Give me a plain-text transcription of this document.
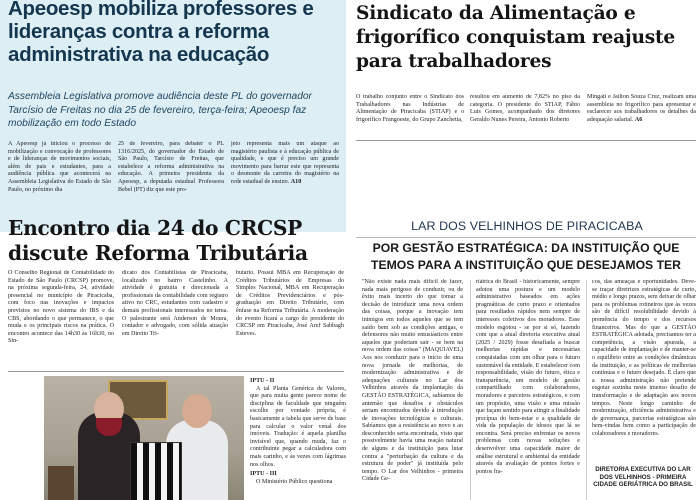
Apeoesp mobiliza professores e lideranças contra a reforma administrativa na educação
Assembleia Legislativa promove audiência deste PL do governador Tarcísio de Freitas no dia 25 de fevereiro, terça-feira; Apeoesp faz mobilização em todo Estado
A Apeoesp já iniciou o processo de mobilização e convocação de professores e de lideranças de movimentos sociais, além de pais e estudantes, para a audiência pública que acontecerá na Assembleia Legislativa do Estado de São Paulo, no próximo dia
25 de fevereiro, para debater o PL 1316/2025, do governador do Estado de São Paulo, Tarcísio de Freitas, que estabelece a reforma administrativa na educação. A primeira presidenta da Apeoesp, a deputada estadual Professora Bebel (PT) diz que este pro-
jeto representa mais um ataque ao magistério paulista e à educação pública de qualidade, e que é preciso um grande movimento para barrar este que representa o desmonte da carreira do magistério na rede estadual de ensino. A10
Sindicato da Alimentação e frigorífico conquistam reajuste para trabalhadores
O trabalho conjunto entre o Sindicato dos Trabalhadores nas Indústrias de Alimentação de Piracicaba (STIAP) e o frigorífico Frangoeste, do Grupo Zanchetta,
resultou em aumento de 7,82% no piso da categoria. O presidente do STIAP, Fábio Luis Gomes, acompanhado dos diretores Geraldo Nunes Pereira, Antonio Roberto
Mingati e Jailton Souza Cruz, realizam uma assembleia no frigorífico para apresentar e esclarecer aos trabalhadores os detalhes da adequação salarial. A6
Encontro dia 24 do CRCSP discute Reforma Tributária
O Conselho Regional de Contabilidade do Estado de São Paulo (CRCSP) promove, na próxima segunda-feira, 24, atividade presencial no município de Piracicaba, com foco nas inovações e impactos previstos no novo sistema do IBS e da CBS, abordando o que permanece, o que muda e os principais riscos na prática. O encontro acontece das 14h30 às 16h30, no Sin-
dicato dos Contabilistas de Piracicaba, localizado no bairro Castelinho. A atividade é gratuita e direcionada a profissionais da contabilidade com registro ativo no CRC, estudantes com cadastro e demais profissionais interessados no tema. O palestrante será Anderson de Moura, contador e advogado, com sólida atuação em Direito Tri-
butário. Possui MBA em Recuperação de Créditos Tributários de Empresas do Simples Nacional, MBA em Recuperação de Créditos Previdenciários e pós-graduação em Direito Tributário, com ênfase na Reforma Tributária. A moderação do evento ficará a cargo do presidente do CRCSP em Piracicaba, José Aref Sabbagh Esteves.
IPTU - II

A tal Planta Genérica de Valores, que para muita gente parece nome de disciplina de faculdade que ninguém escolhe por vontade própria, é basicamente a tabela que serve de base para calcular o valor venal dos imóveis. Tradução: é aquela planilha invisível que, quando muda, faz o contribuinte pegar a calculadora com mais carinho, e às vezes com lágrimas nos olhos.

IPTU - III

O Ministério Público questiona

LAR DOS VELHINHOS DE PIRACICABA
POR GESTÃO ESTRATÉGICA: DA INSTITUIÇÃO QUE TEMOS PARA A INSTITUIÇÃO QUE DESEJAMOS TER
"Não existe nada mais difícil de fazer, nada mais perigoso de conduzir, ou de êxito mais incerto do que tomar a decisão de introduzir uma nova ordem das coisas, porque a inovação tem inimigos em todos aqueles que se tem saído bem sob as condições antigas, e defensores não muito entusiásticos entre aqueles que poderiam sair - se bem na nova ordem das coisas" (MAQUIAVEL) Aos nos conduzir para o início de uma nova jornada de melhorias, de modernização administrativa e de adequações culturais no Lar dos Velhinhos através da implantação da GESTÃO ESTRATÉGICA, sabíamos de antemão que desafios e obstáculos seriam encontrados devido à introdução de inovações tecnológicas e culturais. Sabíamos que a resistência ao novo e ao desconhecido seria encontrada, visto que possivelmente havia uma reação natural de alguns e da instituição para lutar contra a "perturbação da cultura e da estrutura de poder" já instituída pelo tempo. O Lar dos Velhinhos - primeira Cidade Ge-
riátrica do Brasil - historicamente, sempre adotou uma postura e um modelo administrativo baseados em ações pragmáticas de curto prazo e orientados para resultados rápidos nem sempre de interesses coletivos dos moradores. Esse modelo esgotou - se por si só, fazendo com que a atual diretoria executiva atual (2025 / 2029) fosse desafiada a buscar melhorias rápidas e necessárias conquistadas com um olhar para o futuro sustentável da entidade. E estabelecer com responsabilidade, visão do futuro, ética e transparência, um modelo de gestão compartilhado com colaboradores, moradores e parceiros estratégicos, e com um propósito, uma visão e uma missão que façam sentido para atingir a finalidade precípua do bem-estar e a qualidade de vida da população de idosos que lá se encontra. Será preciso enfrentar os novos problemas com novas soluções e desenvolver uma capacidade maior de análise estrutural e ambiental da entidade através da avaliação de pontos fortes e pontos fra-
cos, das ameaças e oportunidades. Deve-se traçar diretrizes estratégicas de curto, médio e longo prazos, sem deixar de olhar para os problemas rotineiros que às vezes são de difícil resolubilidade devido à premência do tempo e dos recursos financeiros. Mas do que a GESTÃO ESTRATÉGICA adotada, precisamos ter a competência, a visão apurada, a capacidade de implantação e de manter-se o equilíbrio entre as condições dinâmicas da instituição, e as políticas de melhorias contínuas e o futuro desejado. É claro que a nossa administração não pretende esgotar sozinha neste imenso desafio de transformação e de adaptação aos novos tempos. Neste longo caminho de modernização, eficiência administrativa e de governança, parcerias estratégicas são bem-vindas bem como a participação de colaboradores e moradores.
DIRETORIA EXECUTIVA DO LAR DOS VELHINHOS - PRIMEIRA CIDADE GERIÁTRICA DO BRASIL
